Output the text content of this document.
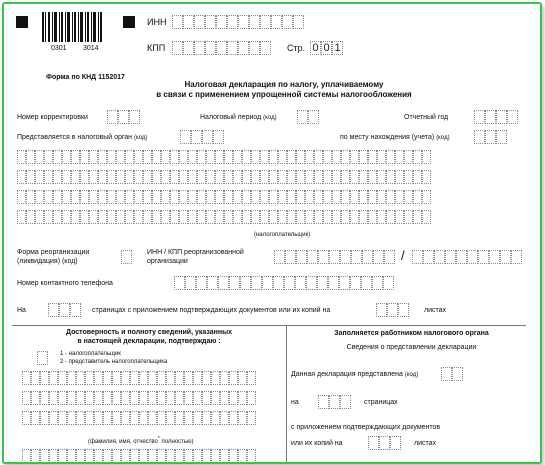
0301 3014
ИНН
КПП	Стр. 0 0 1
Форма по КНД 1152017
Налоговая декларация по налогу, уплачиваемому
в связи с применением упрощенной системы налогообложения
Номер корректировки	Налоговый период (код)	Отчетный год
Представляется в налоговый орган (код)	по месту нахождения (учета) (код)
(налогоплательщик)
Форма реорганизации
(ликвидация) (код)
ИНН / КПП реорганизованной
организации	/
Номер контактного телефона
На	страницах с приложением подтверждающих документов или их копий на	листах
Достоверность и полноту сведений, указанных
в настоящей декларации, подтверждаю :
1 - налогоплательщик
2 - представитель налогоплательщика
(фамилия, имя, отчество* полностью)
Заполняется работником налогового органа
Сведения о представлении декларации
Данная декларация представлена (код)
на	страницах
с приложением подтверждающих документов
или их копий на	листах
